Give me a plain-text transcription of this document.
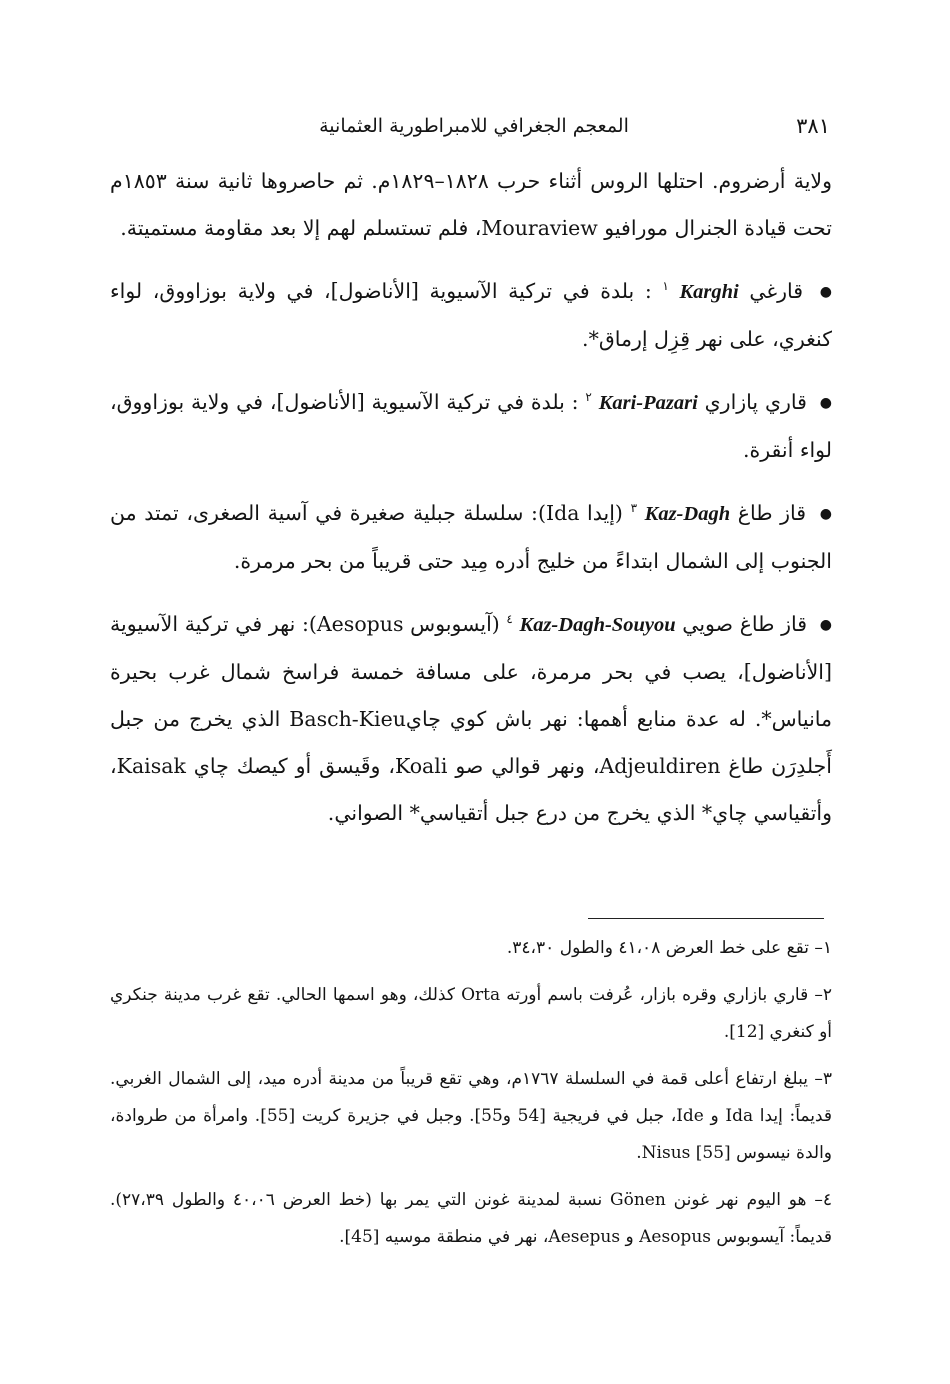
المعجم الجغرافي للامبراطورية العثمانية	٣٨١

ولاية أرضروم. احتلها الروس أثناء حرب ١٨٢٨–١٨٢٩م. ثم حاصروها ثانية سنة ١٨٥٣م تحت قيادة الجنرال مورافيو Mouraview، فلم تستسلم لهم إلا بعد مقاومة مستميتة.

● قارغي Karghi $^١$ : بلدة في تركية الآسيوية [الأناضول]، في ولاية بوزاووق، لواء كنغري، على نهر قِزِل إرماق*.

● قاري پازاري Kari-Pazari $^٢$ : بلدة في تركية الآسيوية [الأناضول]، في ولاية بوزاووق، لواء أنقرة.

● قاز طاغ Kaz-Dagh $^٣$ (إيدا Ida): سلسلة جبلية صغيرة في آسية الصغرى، تمتد من الجنوب إلى الشمال ابتداءً من خليج أدره مِيد حتى قريباً من بحر مرمرة.

● قاز طاغ صويي Kaz-Dagh-Souyou $^٤$ (آيسوبوس Aesopus): نهر في تركية الآسيوية [الأناضول]، يصب في بحر مرمرة، على مسافة خمسة فراسخ شمال غرب بحيرة مانياس*. له عدة منابع أهمها: نهر باش كوي چايBasch-Kieu الذي يخرج من جبل أَجلدِرَن طاغ Adjeuldiren، ونهر قوالي صو Koali، وقَيسق أو كيصك چاي Kaisak، وأتقياسي چاي* الذي يخرج من درع جبل أتقياسي* الصواني.

١– تقع على خط العرض ٤١،٠٨ والطول ٣٤،٣٠.

٢– قاري بازاري وقره بازار، عُرفت باسم أورته Orta كذلك، وهو اسمها الحالي. تقع غرب مدينة جنكري أو كنغري [12].

٣– يبلغ ارتفاع أعلى قمة في السلسلة ١٧٦٧م، وهي تقع قريباً من مدينة أدره ميد، إلى الشمال الغربي. قديماً: إيدا Ida و Ide، جبل في فريجية [54 و55]. وجبل في جزيرة كريت [55]. وامرأة من طروادة، والدة نيسوس Nisus [55].

٤– هو اليوم نهر غونن Gönen نسبة لمدينة غونن التي يمر بها (خط العرض ٤٠،٠٦ والطول ٢٧،٣٩). قديماً: آيسوبوس Aesopus و Aesepus، نهر في منطقة موسيه [45].
